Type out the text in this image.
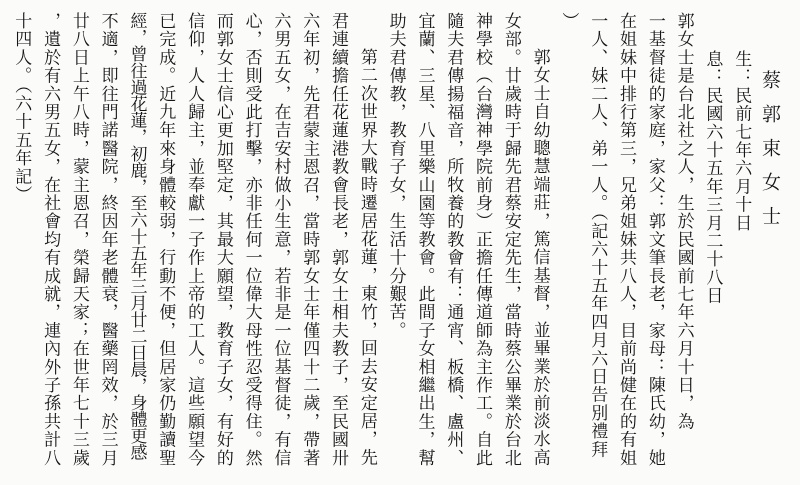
蔡郭束女士
生：民前七年六月十日
息：民國六十五年三月二十八日
郭女士是台北社之人，生於民國前七年六月十日，為
一基督徒的家庭，家父：郭文筆長老，家母：陳氏幼，她
在姐妹中排行第三，兄弟姐妹共八人，目前尚健在的有姐
一人、妹二人、弟一人。（記六十五年四月六日告別禮拜
）
郭女士自幼聰慧端莊，篤信基督，並畢業於前淡水高
女部。廿歲時于歸先君蔡安定先生，當時蔡公畢業於台北
神學校（台灣神學院前身）正擔任傳道師為主作工。自此
隨夫君傳揚福音，所牧養的教會有：通宵、板橋、盧州、
宜蘭、三星、八里樂山園等教會。此間子女相繼出生，幫
助夫君傳教，教育子女，生活十分艱苦。
第二次世界大戰時遷居花蓮，東竹，回去安定居，先
君連續擔任花蓮港教會長老，郭女士相夫教子，至民國卅
六年初，先君蒙主恩召，當時郭女士年僅四十二歲，帶著
六男五女，在吉安村做小生意，若非是一位基督徒，有信
心，否則受此打擊，亦非任何一位偉大母性忍受得住。然
而郭女士信心更加堅定，其最大願望，教育子女，有好的
信仰，人人歸主，並奉獻一子作上帝的工人。這些願望今
已完成。近九年來身體較弱，行動不便，但居家仍勤讀聖
經，曾往過花蓮，初鹿，至六十五年三月廿二日晨，身體更感
不適，即往門諾醫院，終因年老體衰，醫藥罔效，於三月
廿八日上午八時，蒙主恩召，榮歸天家；在世年七十三歲
，遺於有六男五女，在社會均有成就，連內外子孫共計八
十四人。（六十五年記）
